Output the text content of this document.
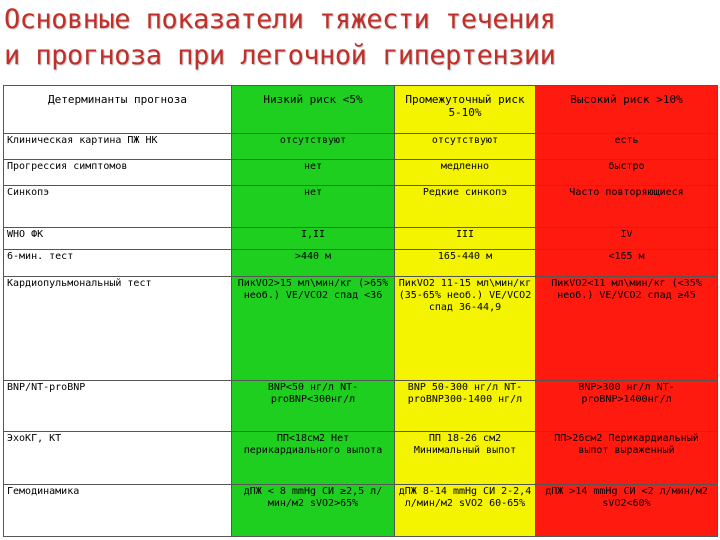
Основные показатели тяжести течения
и прогноза при легочной гипертензии
Детерминанты прогноза	Низкий риск <5%	Промежуточный риск 5-10%	Высокий риск >10%
Клиническая картина ПЖ НК	отсутствуют	отсутствуют	есть
Прогрессия симптомов	нет	медленно	быстро
Синкопэ	нет	Редкие синкопэ	Часто повторяющиеся
WHO ФК	I,II	III	IV
6-мин. тест	>440 м	165-440 м	<165 м
Кардиопульмональный тест	ПикVO2>15 мл\мин/кг (>65% необ.) VE/VCO2 спад <36	ПикVO2 11-15 мл\мин/кг (35-65% необ.) VE/VCO2 спад 36-44,9	ПикVO2<11 мл\мин/кг (<35% необ.) VE/VCO2 спад ≥45
BNP/NT-proBNP	BNP<50 нг/л NT-proBNP<300нг/л	BNP 50-300 нг/л NT-proBNP300-1400 нг/л	BNP>300 нг/л NT-proBNP>1400нг/л
ЭхоКГ, КТ	ПП<18см2 Нет перикардиального выпота	ПП 18-26 см2 Минимальный выпот	ПП>26см2 Перикардиальный выпот выраженный
Гемодинамика	дПЖ < 8 mmHg СИ ≥2,5 л/мин/м2 sVO2>65%	дПЖ 8-14 mmHg СИ 2-2,4 л/мин/м2 sVO2 60-65%	дПЖ >14 mmHg СИ <2 л/мин/м2 sVO2<60%
